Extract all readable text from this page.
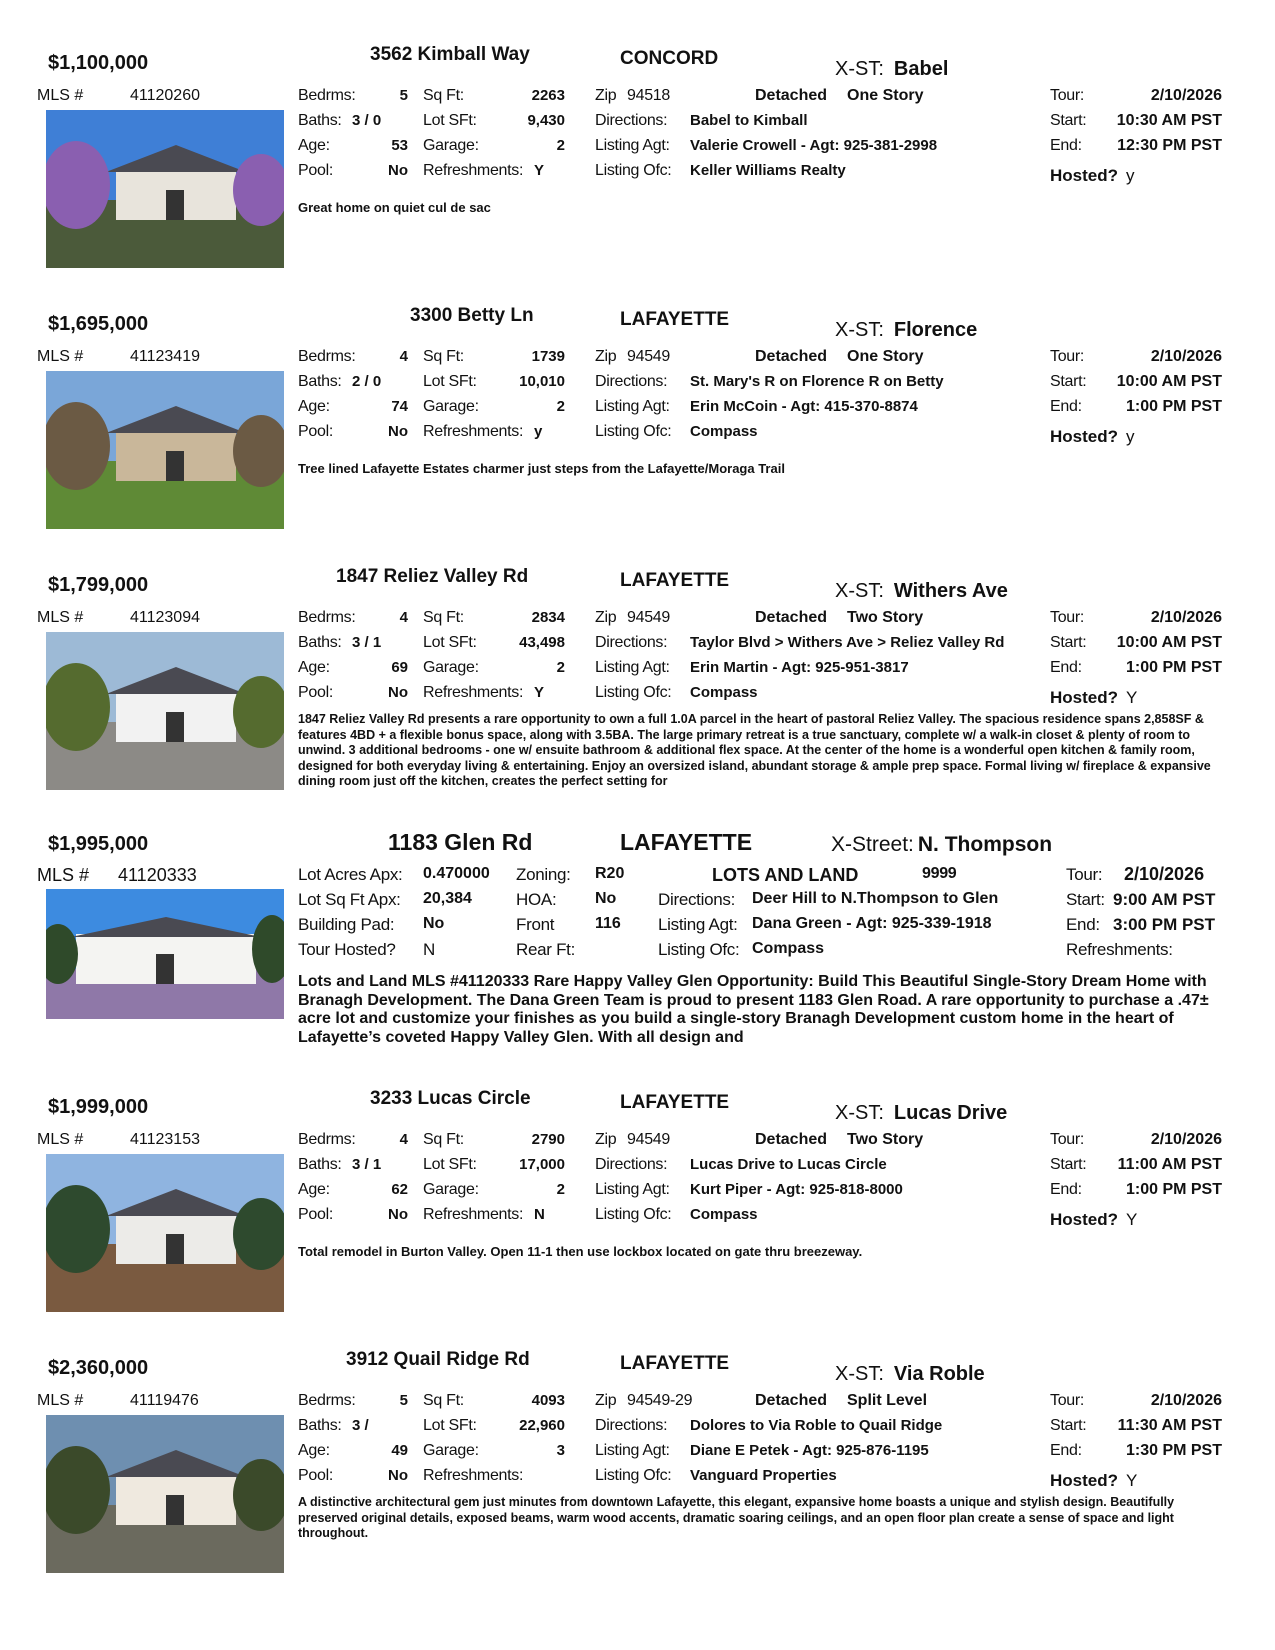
$1,100,000	3562 Kimball Way	CONCORD	X-ST: Babel
MLS #	41120260	Bedrms:	5
Baths: 3 / 0
Age:	53
Pool:	No
Sq Ft:	2263
Lot SFt:	9,430
Garage:	2
Refreshments: Y
Zip 94518	Detached One Story
Directions: Babel to Kimball
Listing Agt: Valerie Crowell - Agt: 925-381-2998
Listing Ofc: Keller Williams Realty
Tour:	2/10/2026
Start:	10:30 AM PST
End:	12:30 PM PST
Hosted? y
Great home on quiet cul de sac
$1,695,000	3300 Betty Ln	LAFAYETTE	X-ST: Florence
MLS #	41123419	Bedrms:	4
Baths: 2 / 0
Age:	74
Pool:	No
Sq Ft:	1739
Lot SFt:	10,010
Garage:	2
Refreshments: y
Zip 94549	Detached One Story
Directions: St. Mary's R on Florence R on Betty
Listing Agt: Erin McCoin - Agt: 415-370-8874
Listing Ofc: Compass
Tour:	2/10/2026
Start:	10:00 AM PST
End:	1:00 PM PST
Hosted? y
Tree lined Lafayette Estates charmer just steps from the Lafayette/Moraga Trail
$1,799,000	1847 Reliez Valley Rd	LAFAYETTE	X-ST: Withers Ave
MLS #	41123094	Bedrms:	4
Baths: 3 / 1
Age:	69
Pool:	No
Sq Ft:	2834
Lot SFt:	43,498
Garage:	2
Refreshments: Y
Zip 94549	Detached Two Story
Directions: Taylor Blvd > Withers Ave > Reliez Valley Rd
Listing Agt: Erin Martin - Agt: 925-951-3817
Listing Ofc: Compass
Tour:	2/10/2026
Start:	10:00 AM PST
End:	1:00 PM PST
Hosted? Y
1847 Reliez Valley Rd presents a rare opportunity to own a full 1.0A parcel in the heart of pastoral Reliez Valley. The spacious residence spans 2,858SF & features 4BD + a flexible bonus space, along with 3.5BA. The large primary retreat is a true sanctuary, complete w/ a walk-in closet & plenty of room to unwind. 3 additional bedrooms - one w/ ensuite bathroom & additional flex space. At the center of the home is a wonderful open kitchen & family room, designed for both everyday living & entertaining. Enjoy an oversized island, abundant storage & ample prep space. Formal living w/ fireplace & expansive dining room just off the kitchen, creates the perfect setting for
$1,995,000	1183 Glen Rd	LAFAYETTE	X-Street: N. Thompson
MLS # 41120333	Lot Acres Apx: 0.470000
Lot Sq Ft Apx: 20,384
Building Pad: No
Tour Hosted? N
Zoning: R20
HOA: No
Front	116
Rear Ft:
LOTS AND LAND	9999
Directions: Deer Hill to N.Thompson to Glen
Listing Agt: Dana Green - Agt: 925-339-1918
Listing Ofc: Compass
Tour: 2/10/2026
Start: 9:00 AM PST
End: 3:00 PM PST
Refreshments:
Lots and Land MLS #41120333 Rare Happy Valley Glen Opportunity: Build This Beautiful Single-Story Dream Home with Branagh Development. The Dana Green Team is proud to present 1183 Glen Road. A rare opportunity to purchase a .47± acre lot and customize your finishes as you build a single-story Branagh Development custom home in the heart of Lafayette’s coveted Happy Valley Glen. With all design and
$1,999,000	3233 Lucas Circle	LAFAYETTE	X-ST: Lucas Drive
MLS #	41123153	Bedrms:	4
Baths: 3 / 1
Age:	62
Pool:	No
Sq Ft:	2790
Lot SFt:	17,000
Garage:	2
Refreshments: N
Zip 94549	Detached Two Story
Directions: Lucas Drive to Lucas Circle
Listing Agt: Kurt Piper - Agt: 925-818-8000
Listing Ofc: Compass
Tour:	2/10/2026
Start:	11:00 AM PST
End:	1:00 PM PST
Hosted? Y
Total remodel in Burton Valley. Open 11-1 then use lockbox located on gate thru breezeway.
$2,360,000	3912 Quail Ridge Rd	LAFAYETTE	X-ST: Via Roble
MLS #	41119476	Bedrms:	5
Baths: 3 /
Age:	49
Pool:	No
Sq Ft:	4093
Lot SFt:	22,960
Garage:	3
Refreshments:
Zip 94549-29	Detached Split Level
Directions: Dolores to Via Roble to Quail Ridge
Listing Agt: Diane E Petek - Agt: 925-876-1195
Listing Ofc: Vanguard Properties
Tour:	2/10/2026
Start:	11:30 AM PST
End:	1:30 PM PST
Hosted? Y
A distinctive architectural gem just minutes from downtown Lafayette, this elegant, expansive home boasts a unique and stylish design. Beautifully preserved original details, exposed beams, warm wood accents, dramatic soaring ceilings, and an open floor plan create a sense of space and light throughout.
